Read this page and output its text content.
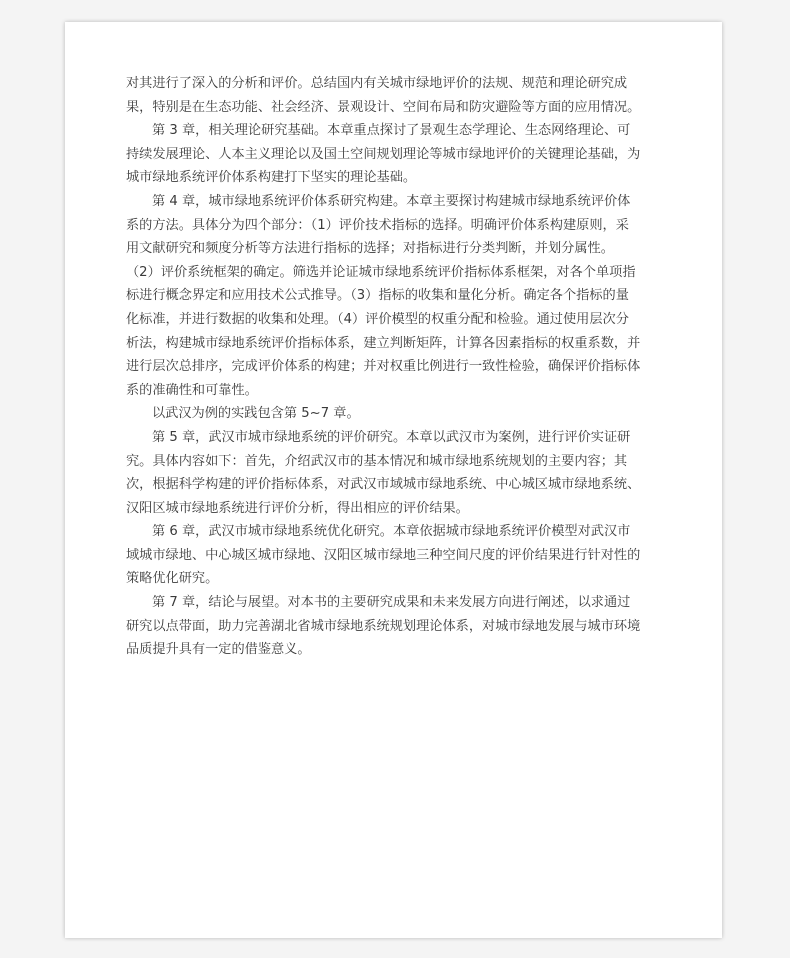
对其进行了深入的分析和评价。总结国内有关城市绿地评价的法规、规范和理论研究成
果，特别是在生态功能、社会经济、景观设计、空间布局和防灾避险等方面的应用情况。
第 3 章，相关理论研究基础。本章重点探讨了景观生态学理论、生态网络理论、可
持续发展理论、人本主义理论以及国土空间规划理论等城市绿地评价的关键理论基础，为
城市绿地系统评价体系构建打下坚实的理论基础。
第 4 章，城市绿地系统评价体系研究构建。本章主要探讨构建城市绿地系统评价体
系的方法。具体分为四个部分：（1）评价技术指标的选择。明确评价体系构建原则，采
用文献研究和频度分析等方法进行指标的选择；对指标进行分类判断，并划分属性。
（2）评价系统框架的确定。筛选并论证城市绿地系统评价指标体系框架，对各个单项指
标进行概念界定和应用技术公式推导。（3）指标的收集和量化分析。确定各个指标的量
化标准，并进行数据的收集和处理。（4）评价模型的权重分配和检验。通过使用层次分
析法，构建城市绿地系统评价指标体系，建立判断矩阵，计算各因素指标的权重系数，并
进行层次总排序，完成评价体系的构建；并对权重比例进行一致性检验，确保评价指标体
系的准确性和可靠性。
以武汉为例的实践包含第 5~7 章。
第 5 章，武汉市城市绿地系统的评价研究。本章以武汉市为案例，进行评价实证研
究。具体内容如下：首先，介绍武汉市的基本情况和城市绿地系统规划的主要内容；其
次，根据科学构建的评价指标体系，对武汉市域城市绿地系统、中心城区城市绿地系统、
汉阳区城市绿地系统进行评价分析，得出相应的评价结果。
第 6 章，武汉市城市绿地系统优化研究。本章依据城市绿地系统评价模型对武汉市
域城市绿地、中心城区城市绿地、汉阳区城市绿地三种空间尺度的评价结果进行针对性的
策略优化研究。
第 7 章，结论与展望。对本书的主要研究成果和未来发展方向进行阐述，以求通过
研究以点带面，助力完善湖北省城市绿地系统规划理论体系，对城市绿地发展与城市环境
品质提升具有一定的借鉴意义。
